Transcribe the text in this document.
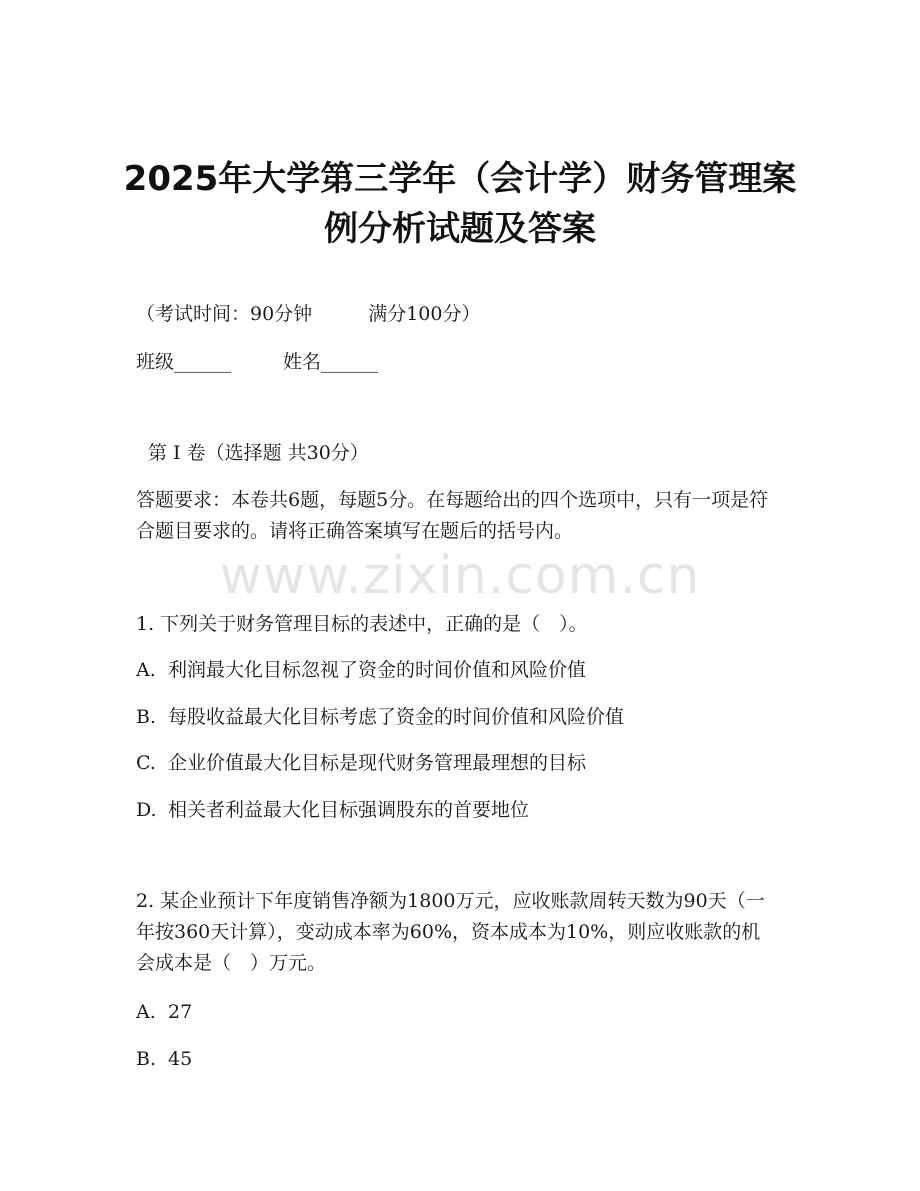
2025年大学第三学年（会计学）财务管理案
例分析试题及答案
（考试时间：90分钟	满分100分）
班级______	姓名______
第 I 卷（选择题 共30分）
答题要求：本卷共6题，每题5分。在每题给出的四个选项中，只有一项是符合题目要求的。请将正确答案填写在题后的括号内。
www.zixin.com.cn
1. 下列关于财务管理目标的表述中，正确的是（　）。
A. 利润最大化目标忽视了资金的时间价值和风险价值
B. 每股收益最大化目标考虑了资金的时间价值和风险价值
C. 企业价值最大化目标是现代财务管理最理想的目标
D. 相关者利益最大化目标强调股东的首要地位
2. 某企业预计下年度销售净额为1800万元，应收账款周转天数为90天（一年按360天计算），变动成本率为60%，资本成本为10%，则应收账款的机会成本是（　）万元。
A. 27
B. 45
